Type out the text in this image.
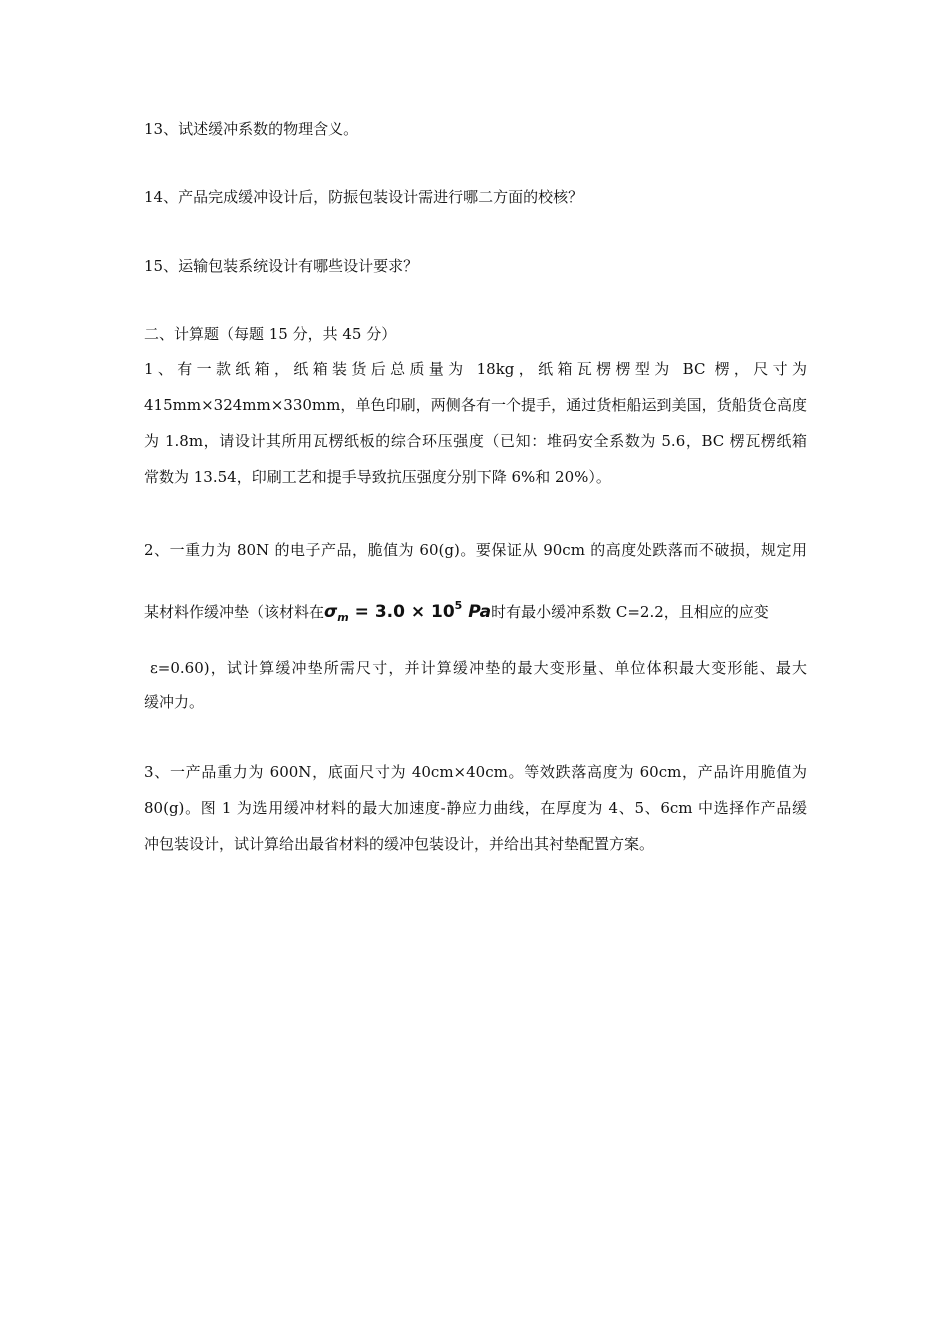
13、试述缓冲系数的物理含义。
14、产品完成缓冲设计后，防振包装设计需进行哪二方面的校核？
15、运输包装系统设计有哪些设计要求？
二、计算题（每题 15 分，共 45 分）
1、有一款纸箱，纸箱装货后总质量为 18kg，纸箱瓦楞楞型为 BC 楞，尺寸为
415mm×324mm×330mm，单色印刷，两侧各有一个提手，通过货柜船运到美国，货船货仓高度
为 1.8m，请设计其所用瓦楞纸板的综合环压强度（已知：堆码安全系数为 5.6，BC 楞瓦楞纸箱
常数为 13.54，印刷工艺和提手导致抗压强度分别下降 6%和 20%）。
2、一重力为 80N 的电子产品，脆值为 60(g)。要保证从 90cm 的高度处跌落而不破损，规定用
某材料作缓冲垫（该材料在$\sigma_m = 3.0 \times 10^5$ Pa时有最小缓冲系数 C=2.2，且相应的应变
ε=0.60)，试计算缓冲垫所需尺寸，并计算缓冲垫的最大变形量、单位体积最大变形能、最大
缓冲力。
3、一产品重力为 600N，底面尺寸为 40cm×40cm。等效跌落高度为 60cm，产品许用脆值为
80(g)。图 1 为选用缓冲材料的最大加速度-静应力曲线，在厚度为 4、5、6cm 中选择作产品缓
冲包装设计，试计算给出最省材料的缓冲包装设计，并给出其衬垫配置方案。
